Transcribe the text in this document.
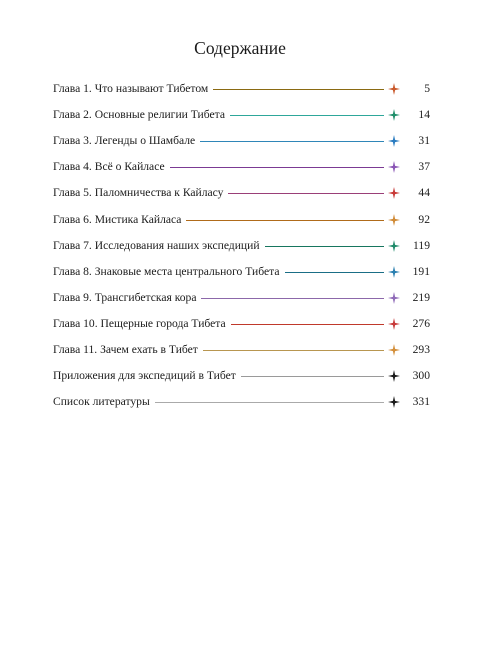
Содержание
Глава 1. Что называют Тибетом	5
Глава 2. Основные религии Тибета	14
Глава 3. Легенды о Шамбале	31
Глава 4. Всё о Кайласе	37
Глава 5. Паломничества к Кайласу	44
Глава 6. Мистика Кайласа	92
Глава 7. Исследования наших экспедиций	119
Глава 8. Знаковые места центрального Тибета	191
Глава 9. Трансгибетская кора	219
Глава 10. Пещерные города Тибета	276
Глава 11. Зачем ехать в Тибет	293
Приложения для экспедиций в Тибет	300
Список литературы	331
